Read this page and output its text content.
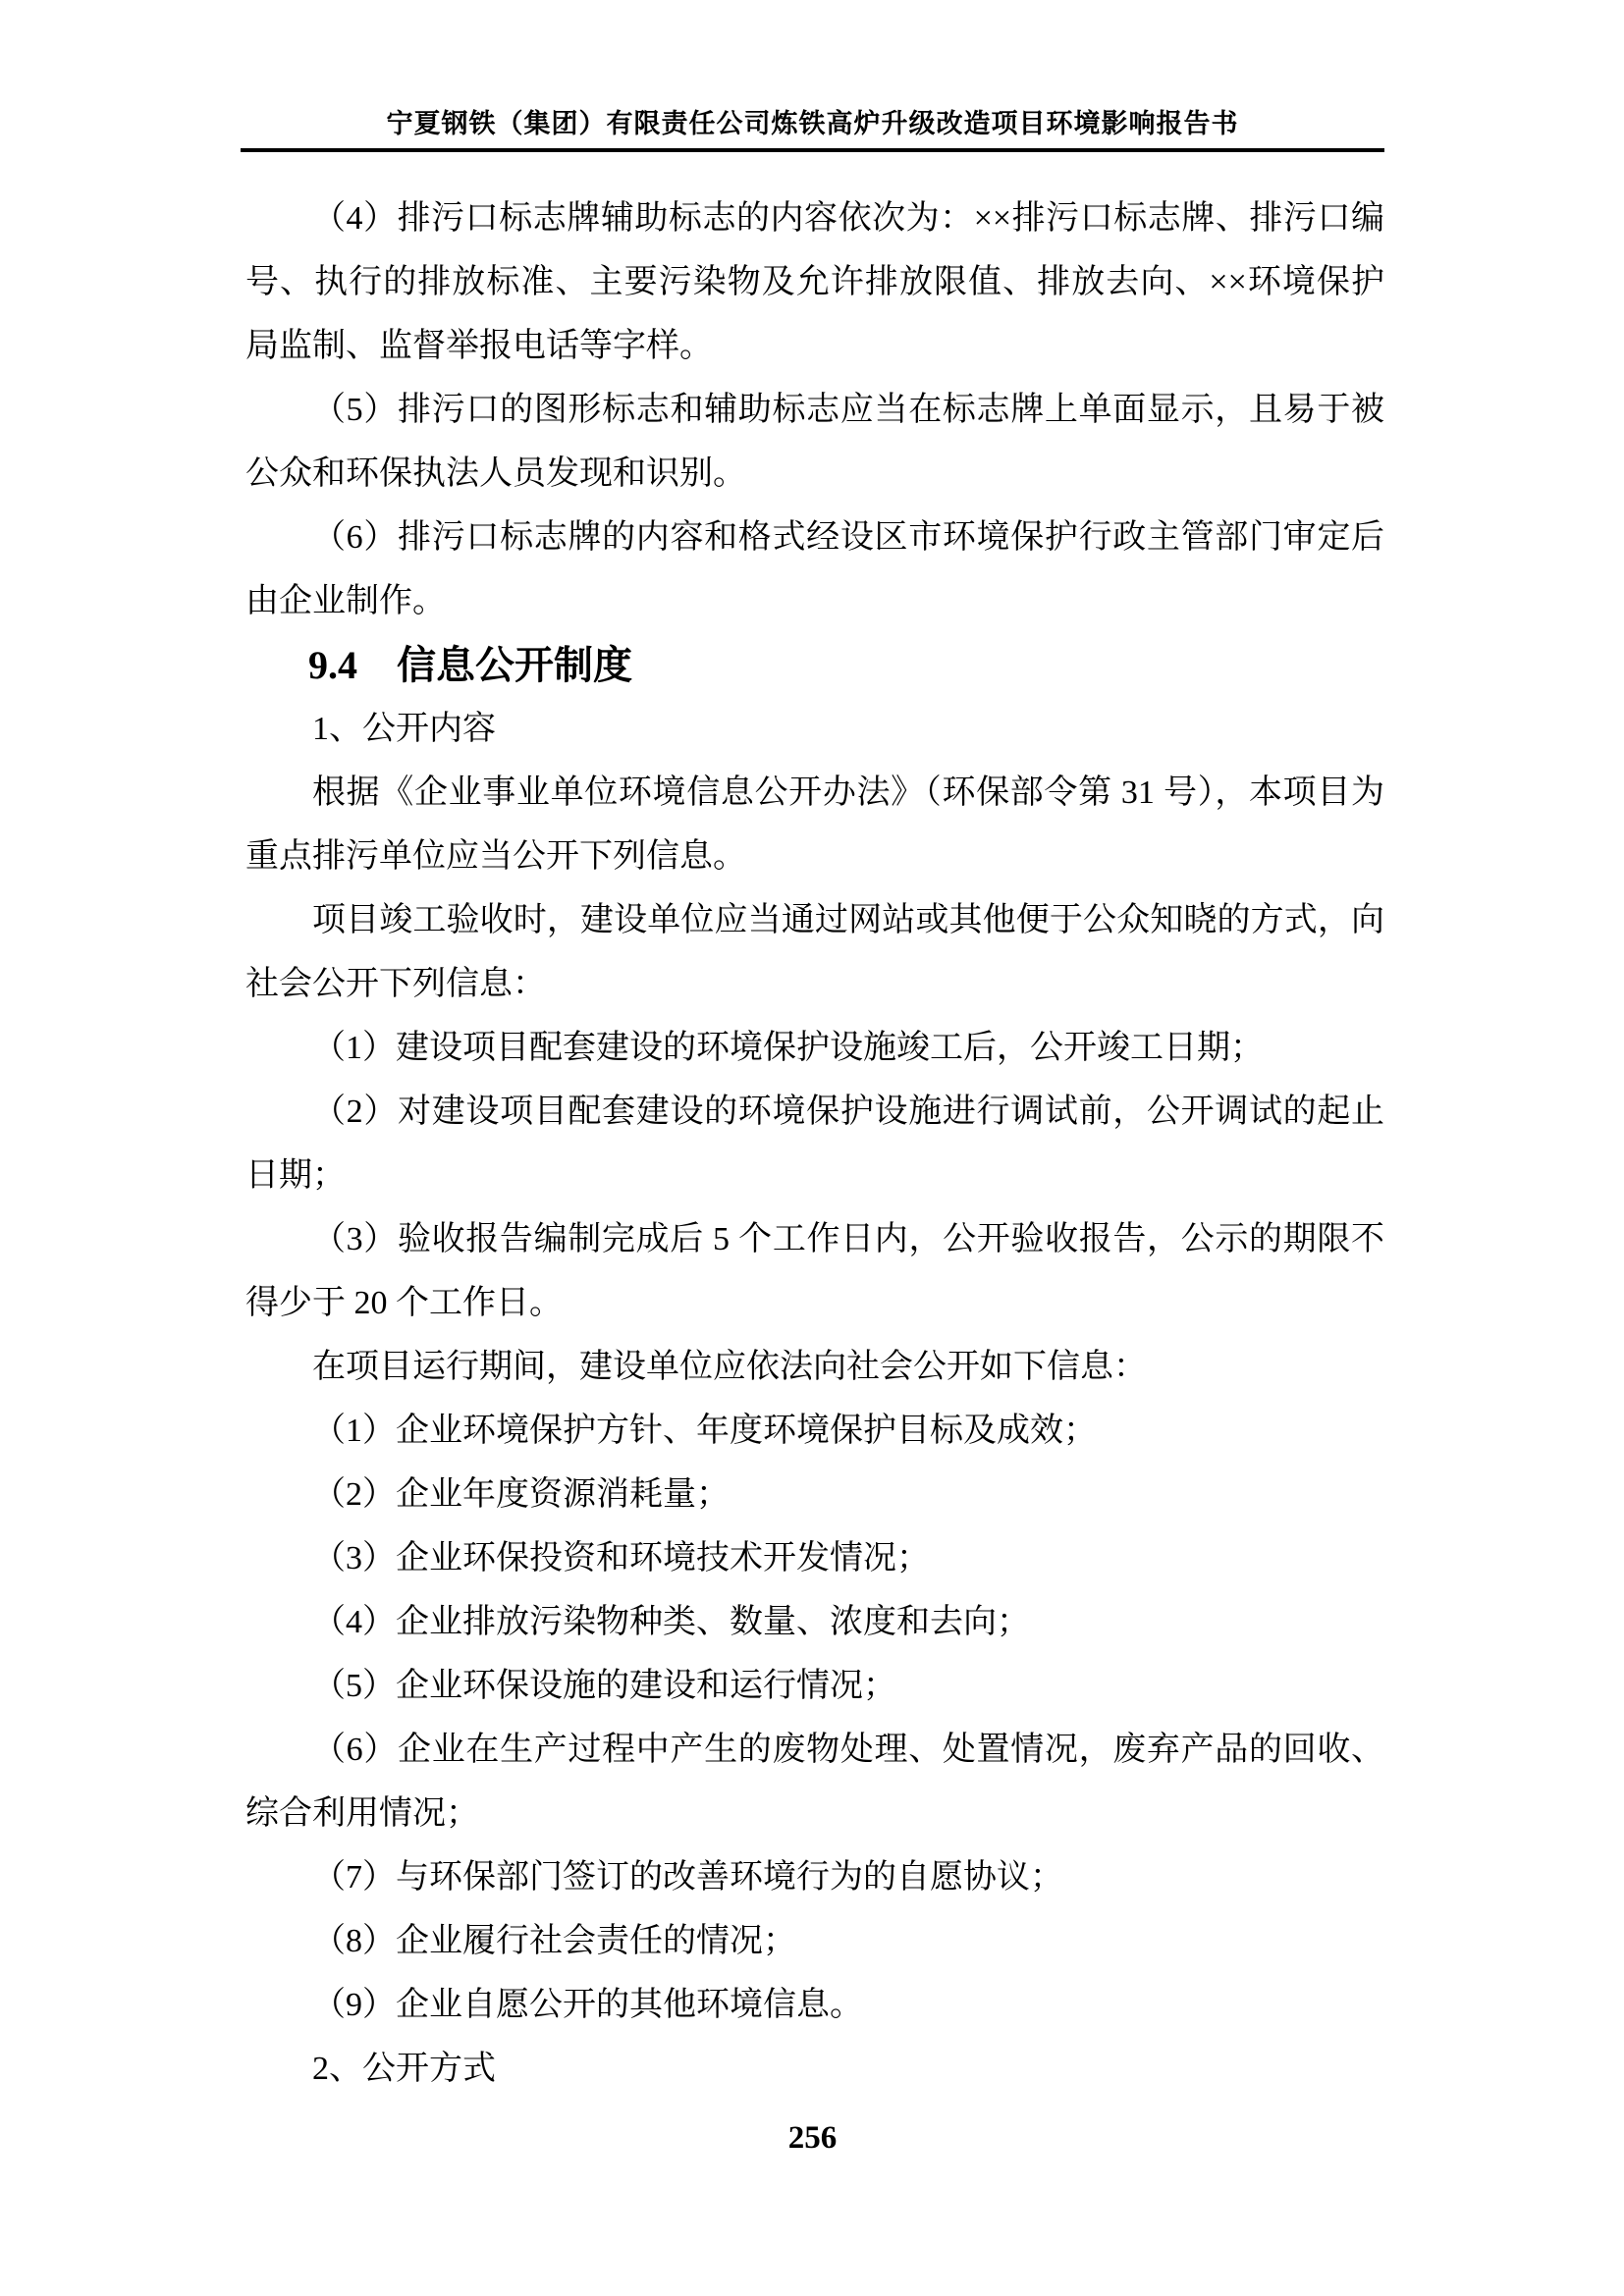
宁夏钢铁（集团）有限责任公司炼铁高炉升级改造项目环境影响报告书

（4）排污口标志牌辅助标志的内容依次为：××排污口标志牌、排污口编号、执行的排放标准、主要污染物及允许排放限值、排放去向、××环境保护局监制、监督举报电话等字样。

（5）排污口的图形标志和辅助标志应当在标志牌上单面显示，且易于被公众和环保执法人员发现和识别。

（6）排污口标志牌的内容和格式经设区市环境保护行政主管部门审定后由企业制作。

9.4　信息公开制度

1、公开内容

根据《企业事业单位环境信息公开办法》（环保部令第 31 号），本项目为重点排污单位应当公开下列信息。

项目竣工验收时，建设单位应当通过网站或其他便于公众知晓的方式，向社会公开下列信息：

（1）建设项目配套建设的环境保护设施竣工后，公开竣工日期；

（2）对建设项目配套建设的环境保护设施进行调试前，公开调试的起止日期；

（3）验收报告编制完成后 5 个工作日内，公开验收报告，公示的期限不得少于 20 个工作日。

在项目运行期间，建设单位应依法向社会公开如下信息：

（1）企业环境保护方针、年度环境保护目标及成效；

（2）企业年度资源消耗量；

（3）企业环保投资和环境技术开发情况；

（4）企业排放污染物种类、数量、浓度和去向；

（5）企业环保设施的建设和运行情况；

（6）企业在生产过程中产生的废物处理、处置情况，废弃产品的回收、综合利用情况；

（7）与环保部门签订的改善环境行为的自愿协议；

（8）企业履行社会责任的情况；

（9）企业自愿公开的其他环境信息。

2、公开方式

256
